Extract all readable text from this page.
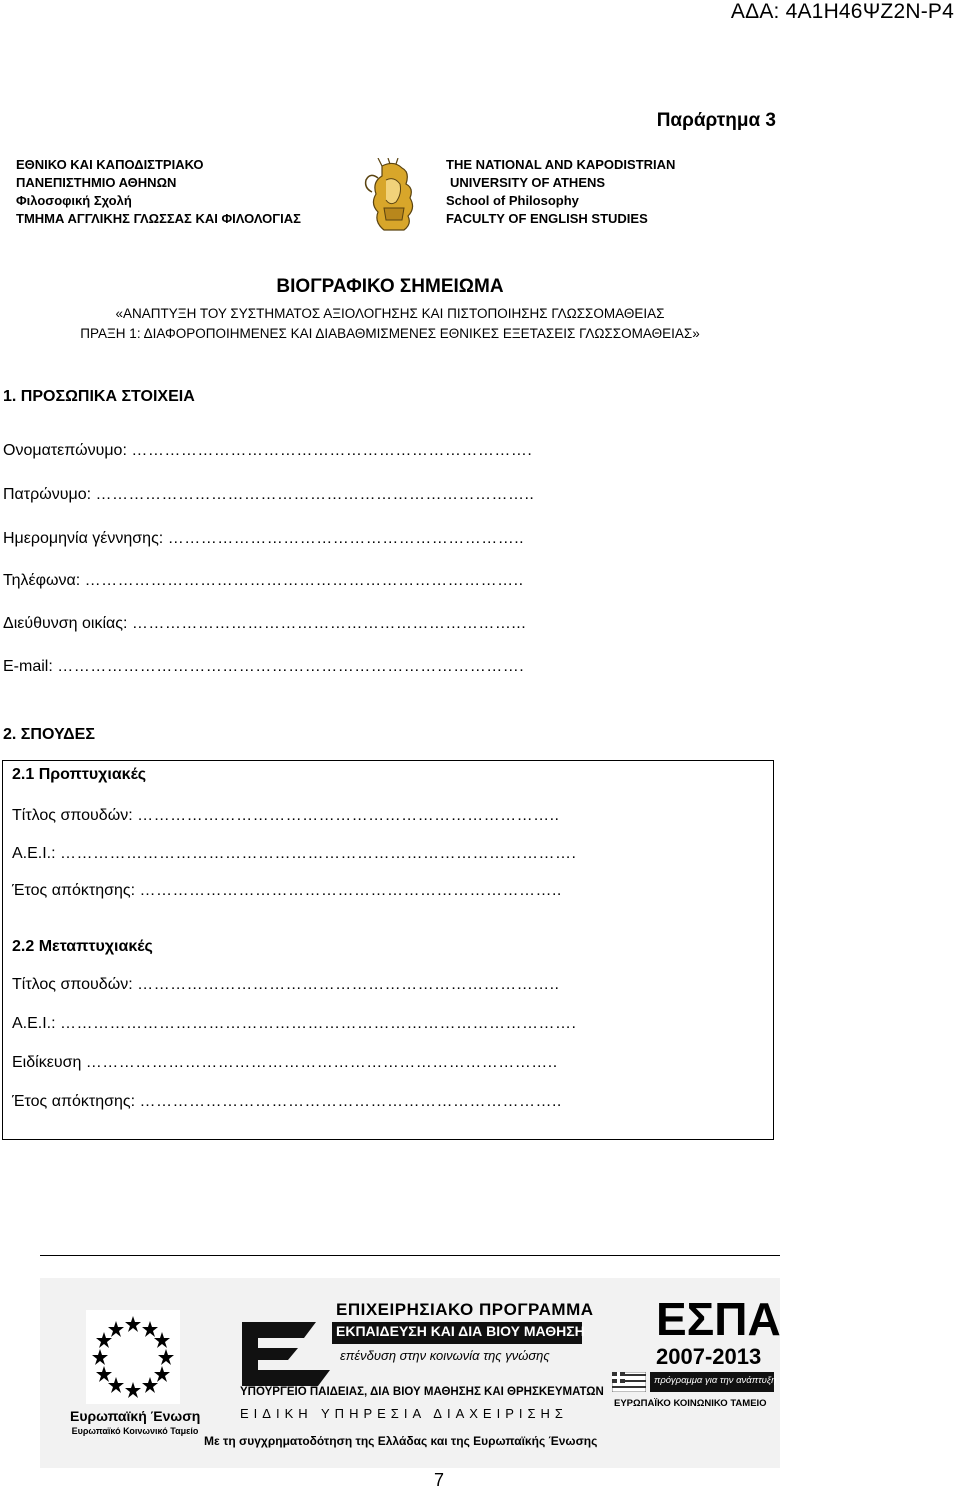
ΑΔΑ: 4Α1Η46ΨΖ2Ν-Ρ4
Παράρτημα 3
ΕΘΝΙΚΟ ΚΑΙ ΚΑΠΟΔΙΣΤΡΙΑΚΟ
ΠΑΝΕΠΙΣΤΗΜΙΟ ΑΘΗΝΩΝ
Φιλοσοφική Σχολή
ΤΜΗΜΑ ΑΓΓΛΙΚΗΣ ΓΛΩΣΣΑΣ ΚΑΙ ΦΙΛΟΛΟΓΙΑΣ
THE NATIONAL AND KAPODISTRIAN
UNIVERSITY OF ATHENS
School of Philosophy
FACULTY OF ENGLISH STUDIES
ΒΙΟΓΡΑΦΙΚΟ ΣΗΜΕΙΩΜΑ
«ΑΝΑΠΤΥΞΗ ΤΟΥ ΣΥΣΤΗΜΑΤΟΣ ΑΞΙΟΛΟΓΗΣΗΣ ΚΑΙ ΠΙΣΤΟΠΟΙΗΣΗΣ ΓΛΩΣΣΟΜΑΘΕΙΑΣ
ΠΡΑΞΗ 1: ΔΙΑΦΟΡΟΠΟΙΗΜΕΝΕΣ ΚΑΙ ΔΙΑΒΑΘΜΙΣΜΕΝΕΣ ΕΘΝΙΚΕΣ ΕΞΕΤΑΣΕΙΣ ΓΛΩΣΣΟΜΑΘΕΙΑΣ»
1. ΠΡΟΣΩΠΙΚΑ ΣΤΟΙΧΕΙΑ
Ονοματεπώνυμο: ……………………………………………………………….
Πατρώνυμο: ……………………………………………………………………..
Ημερομηνία γέννησης: ………………………………………………………..
Τηλέφωνα: ……………………………………………………………………..
Διεύθυνση οικίας: ……………………………………………………………...
E-mail: ………………………………………………………………………….
2. ΣΠΟΥΔΕΣ
2.1 Προπτυχιακές
Τίτλος σπουδών: …………………………………………………………………..
Α.Ε.Ι.: ………………………………………………………………………………….
Έτος απόκτησης: …………………………………………………………………..
2.2 Μεταπτυχιακές
Τίτλος σπουδών: …………………………………………………………………..
Α.Ε.Ι.: ………………………………………………………………………………….
Ειδίκευση …………………………………………………………………………..
Έτος απόκτησης: …………………………………………………………………..
Ευρωπαϊκή Ένωση
Ευρωπαϊκό Κοινωνικό Ταμείο
ΕΠΙΧΕΙΡΗΣΙΑΚΟ ΠΡΟΓΡΑΜΜΑ
ΕΚΠΑΙΔΕΥΣΗ ΚΑΙ ΔΙΑ ΒΙΟΥ ΜΑΘΗΣΗ
επένδυση στην κοινωνία της γνώσης
ΥΠΟΥΡΓΕΙΟ ΠΑΙΔΕΙΑΣ, ΔΙΑ ΒΙΟΥ ΜΑΘΗΣΗΣ ΚΑΙ ΘΡΗΣΚΕΥΜΑΤΩΝ
ΕΙΔΙΚΗ ΥΠΗΡΕΣΙΑ ΔΙΑΧΕΙΡΙΣΗΣ
Με τη συγχρηματοδότηση της Ελλάδας και της Ευρωπαϊκής Ένωσης
ΕΣΠΑ
2007-2013
πρόγραμμα για την ανάπτυξη
ΕΥΡΩΠΑΪΚΟ ΚΟΙΝΩΝΙΚΟ ΤΑΜΕΙΟ
7
